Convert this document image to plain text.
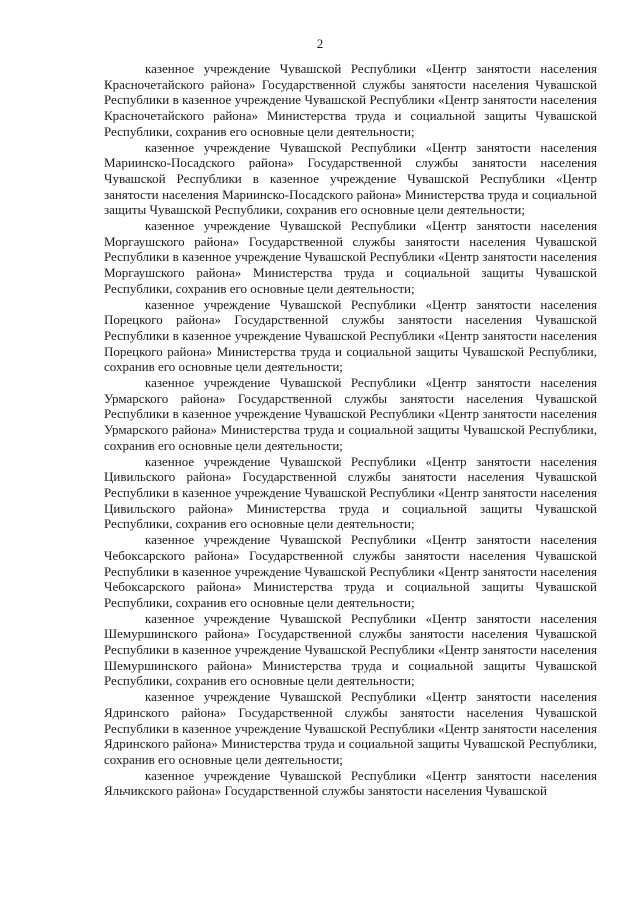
2

казенное учреждение Чувашской Республики «Центр занятости населения Красночетайского района» Государственной службы занятости населения Чувашской Республики в казенное учреждение Чувашской Республики «Центр занятости населения Красночетайского района» Министерства труда и социальной защиты Чувашской Республики, сохранив его основные цели деятельности;

казенное учреждение Чувашской Республики «Центр занятости населения Мариинско-Посадского района» Государственной службы занятости населения Чувашской Республики в казенное учреждение Чувашской Республики «Центр занятости населения Мариинско-Посадского района» Министерства труда и социальной защиты Чувашской Республики, сохранив его основные цели деятельности;

казенное учреждение Чувашской Республики «Центр занятости населения Моргаушского района» Государственной службы занятости населения Чувашской Республики в казенное учреждение Чувашской Республики «Центр занятости населения Моргаушского района» Министерства труда и социальной защиты Чувашской Республики, сохранив его основные цели деятельности;

казенное учреждение Чувашской Республики «Центр занятости населения Порецкого района» Государственной службы занятости населения Чувашской Республики в казенное учреждение Чувашской Республики «Центр занятости населения Порецкого района» Министерства труда и социальной защиты Чувашской Республики, сохранив его основные цели деятельности;

казенное учреждение Чувашской Республики «Центр занятости населения Урмарского района» Государственной службы занятости населения Чувашской Республики в казенное учреждение Чувашской Республики «Центр занятости населения Урмарского района» Министерства труда и социальной защиты Чувашской Республики, сохранив его основные цели деятельности;

казенное учреждение Чувашской Республики «Центр занятости населения Цивильского района» Государственной службы занятости населения Чувашской Республики в казенное учреждение Чувашской Республики «Центр занятости населения Цивильского района» Министерства труда и социальной защиты Чувашской Республики, сохранив его основные цели деятельности;

казенное учреждение Чувашской Республики «Центр занятости населения Чебоксарского района» Государственной службы занятости населения Чувашской Республики в казенное учреждение Чувашской Республики «Центр занятости населения Чебоксарского района» Министерства труда и социальной защиты Чувашской Республики, сохранив его основные цели деятельности;

казенное учреждение Чувашской Республики «Центр занятости населения Шемуршинского района» Государственной службы занятости населения Чувашской Республики в казенное учреждение Чувашской Республики «Центр занятости населения Шемуршинского района» Министерства труда и социальной защиты Чувашской Республики, сохранив его основные цели деятельности;

казенное учреждение Чувашской Республики «Центр занятости населения Ядринского района» Государственной службы занятости населения Чувашской Республики в казенное учреждение Чувашской Республики «Центр занятости населения Ядринского района» Министерства труда и социальной защиты Чувашской Республики, сохранив его основные цели деятельности;

казенное учреждение Чувашской Республики «Центр занятости населения Яльчикского района» Государственной службы занятости населения Чувашской
